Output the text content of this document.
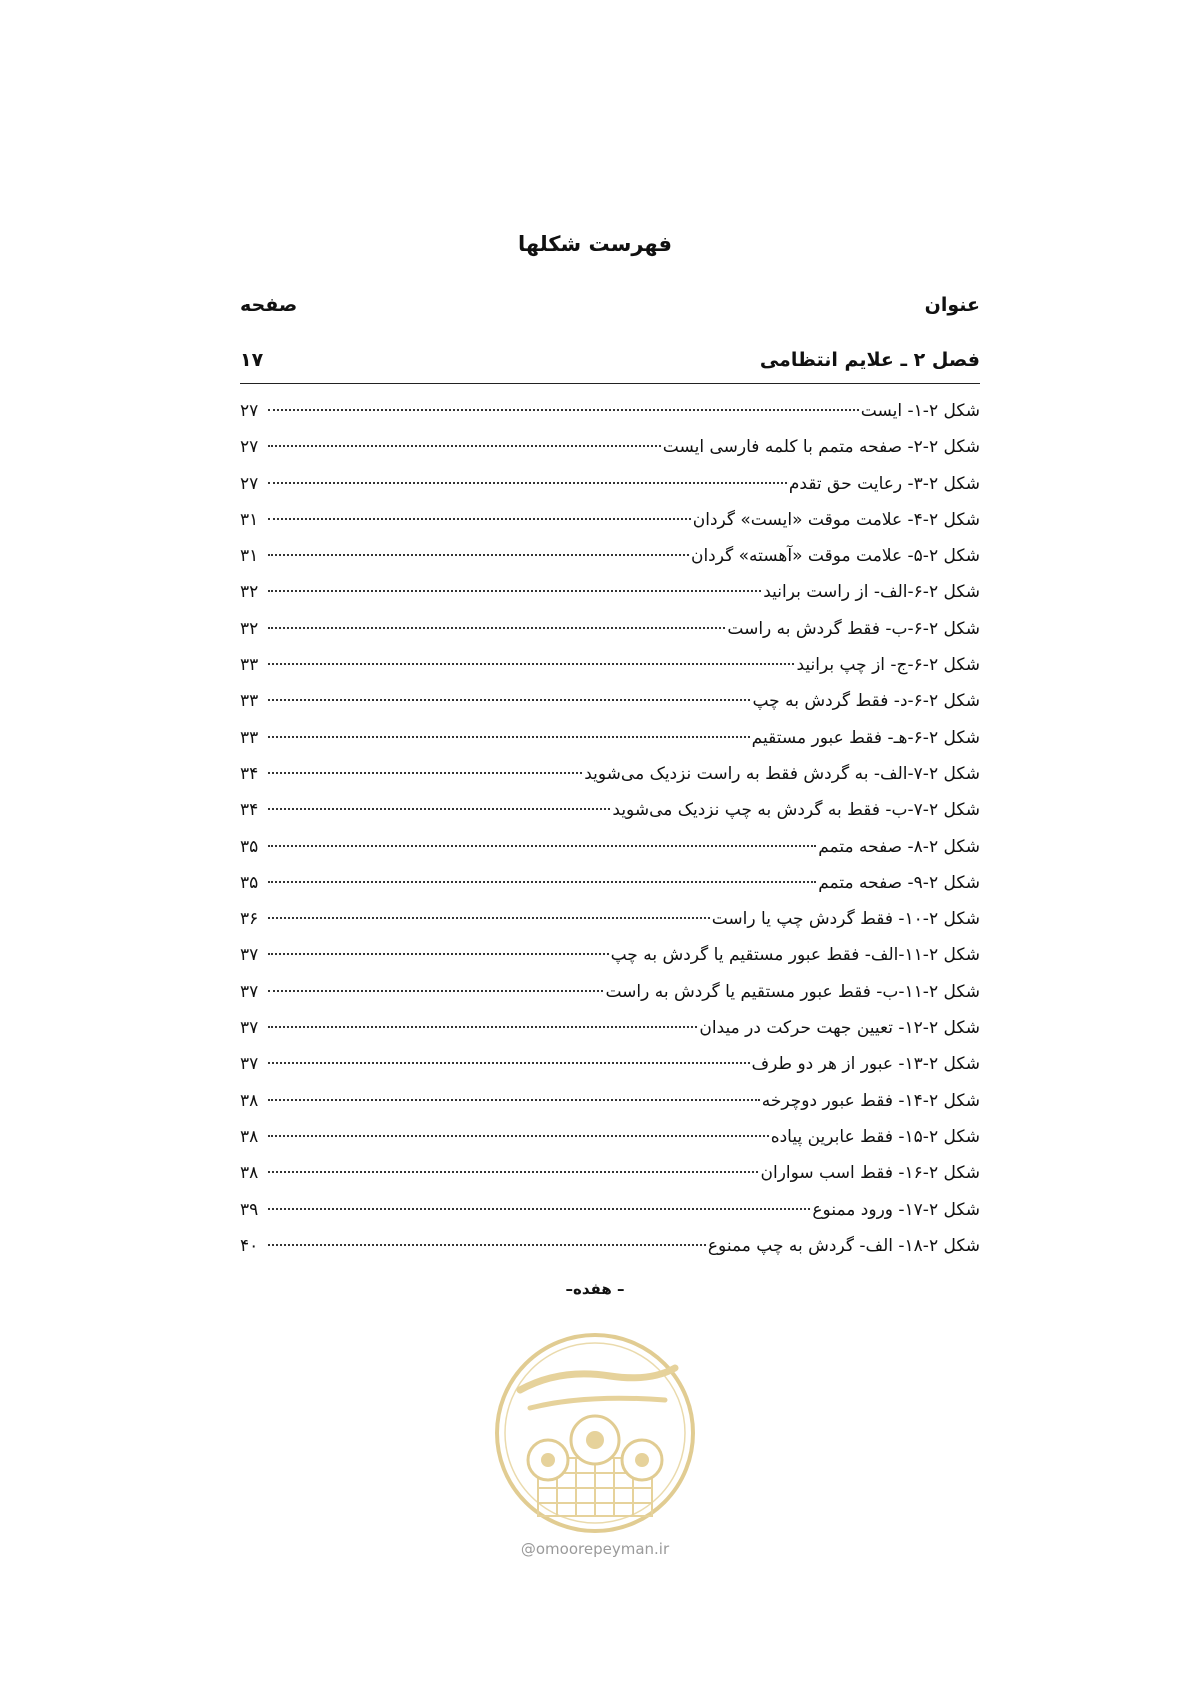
فهرست شکلها
عنوان
صفحه
فصل ۲ ـ علایم انتظامی
۱۷
شکل ۲-۱- ایست
۲۷
شکل ۲-۲- صفحه متمم با کلمه فارسی ایست
۲۷
شکل ۲-۳- رعایت حق تقدم
۲۷
شکل ۲-۴- علامت موقت «ایست» گردان
۳۱
شکل ۲-۵- علامت موقت «آهسته» گردان
۳۱
شکل ۲-۶-الف- از راست برانید
۳۲
شکل ۲-۶-ب- فقط گردش به راست
۳۲
شکل ۲-۶-ج- از چپ برانید
۳۳
شکل ۲-۶-د- فقط گردش به چپ
۳۳
شکل ۲-۶-هـ- فقط عبور مستقیم
۳۳
شکل ۲-۷-الف- به گردش فقط به راست نزدیک می‌شوید
۳۴
شکل ۲-۷-ب- فقط به گردش به چپ نزدیک می‌شوید
۳۴
شکل ۲-۸- صفحه متمم
۳۵
شکل ۲-۹- صفحه متمم
۳۵
شکل ۲-۱۰- فقط گردش چپ یا راست
۳۶
شکل ۲-۱۱-الف- فقط عبور مستقیم یا گردش به چپ
۳۷
شکل ۲-۱۱-ب- فقط عبور مستقیم یا گردش به راست
۳۷
شکل ۲-۱۲- تعیین جهت حرکت در میدان
۳۷
شکل ۲-۱۳- عبور از هر دو طرف
۳۷
شکل ۲-۱۴- فقط عبور دوچرخه
۳۸
شکل ۲-۱۵- فقط عابرین پیاده
۳۸
شکل ۲-۱۶- فقط اسب سواران
۳۸
شکل ۲-۱۷- ورود ممنوع
۳۹
شکل ۲-۱۸- الف- گردش به چپ ممنوع
۴۰
– هفده–
@omoorepeyman.ir
